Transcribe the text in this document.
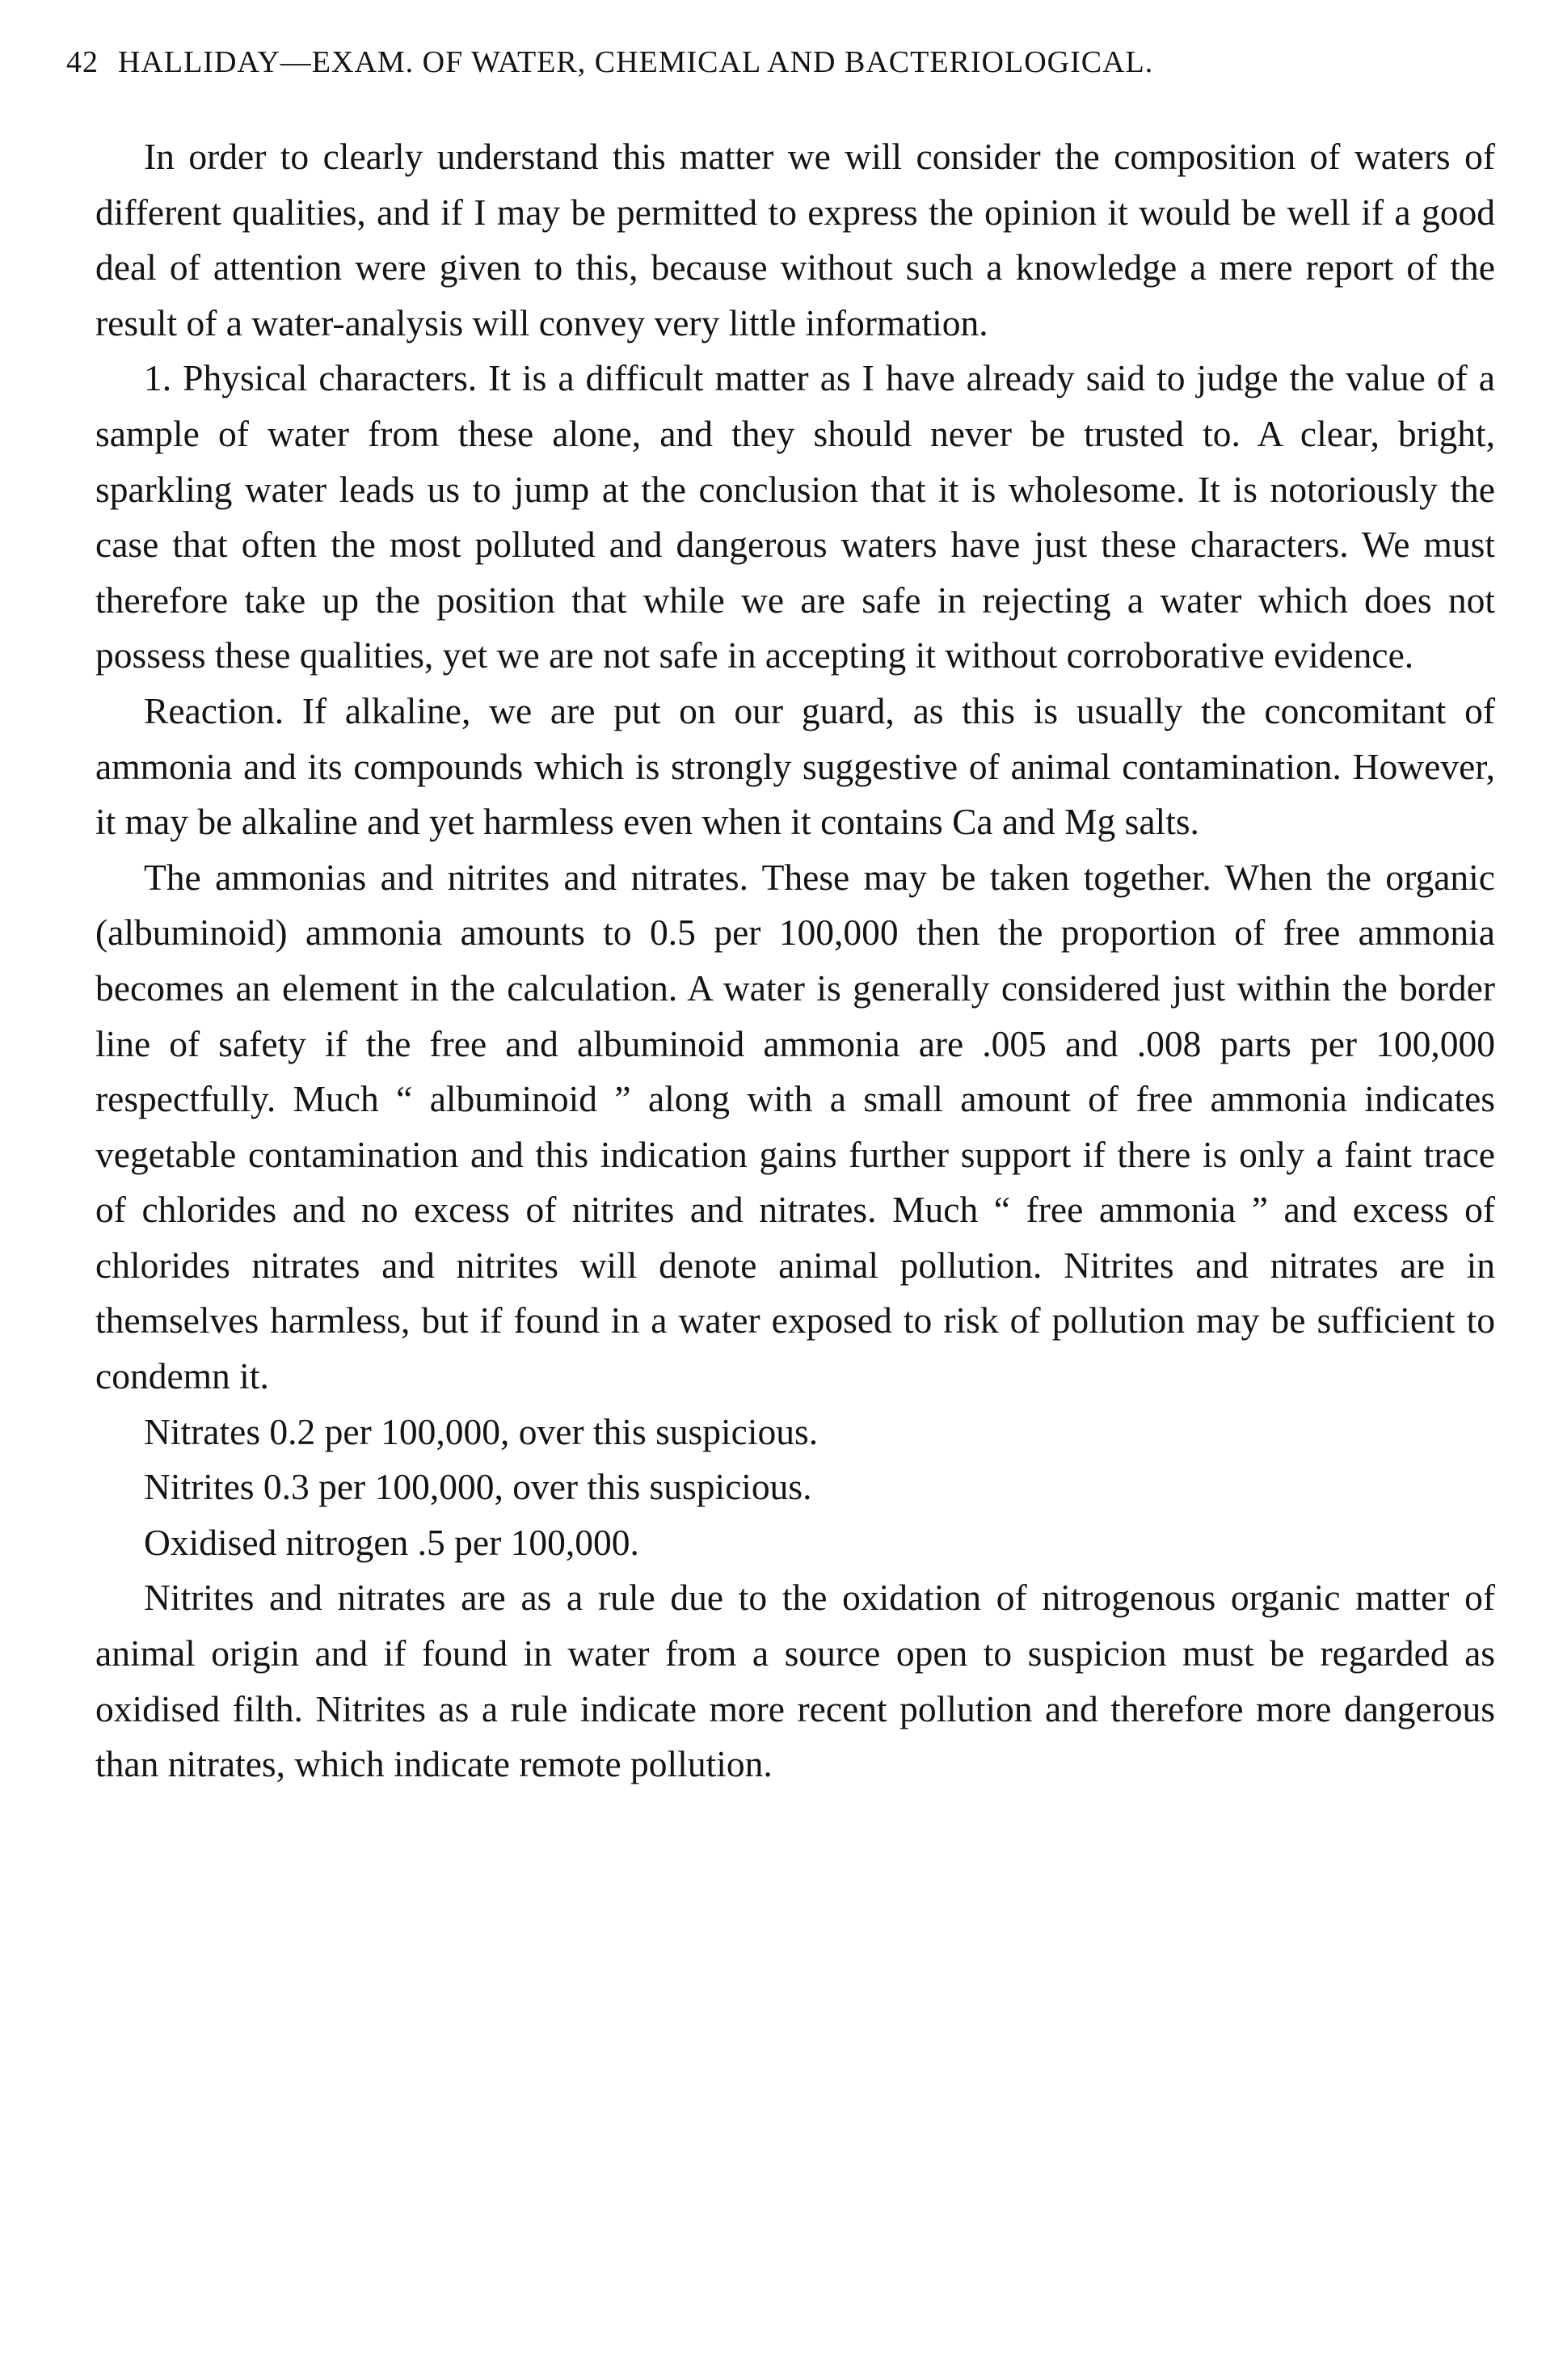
42 HALLIDAY—EXAM. OF WATER, CHEMICAL AND BACTERIOLOGICAL.

In order to clearly understand this matter we will consider the composition of waters of different qualities, and if I may be permitted to express the opinion it would be well if a good deal of attention were given to this, because without such a knowledge a mere report of the result of a water-analysis will convey very little information.

1. Physical characters. It is a difficult matter as I have already said to judge the value of a sample of water from these alone, and they should never be trusted to. A clear, bright, sparkling water leads us to jump at the conclusion that it is wholesome. It is notoriously the case that often the most polluted and dangerous waters have just these characters. We must therefore take up the position that while we are safe in rejecting a water which does not possess these qualities, yet we are not safe in accepting it without corroborative evidence.

Reaction. If alkaline, we are put on our guard, as this is usually the concomitant of ammonia and its compounds which is strongly suggestive of animal contamination. However, it may be alkaline and yet harmless even when it contains Ca and Mg salts.

The ammonias and nitrites and nitrates. These may be taken together. When the organic (albuminoid) ammonia amounts to 0.5 per 100,000 then the proportion of free ammonia becomes an element in the calculation. A water is generally considered just within the border line of safety if the free and albuminoid ammonia are .005 and .008 parts per 100,000 respectfully. Much “ albuminoid ” along with a small amount of free ammonia indicates vegetable contamination and this indication gains further support if there is only a faint trace of chlorides and no excess of nitrites and nitrates. Much “ free ammonia ” and excess of chlorides nitrates and nitrites will denote animal pollution. Nitrites and nitrates are in themselves harmless, but if found in a water exposed to risk of pollution may be sufficient to condemn it.

Nitrates 0.2 per 100,000, over this suspicious.

Nitrites 0.3 per 100,000, over this suspicious.

Oxidised nitrogen .5 per 100,000.

Nitrites and nitrates are as a rule due to the oxidation of nitrogenous organic matter of animal origin and if found in water from a source open to suspicion must be regarded as oxidised filth. Nitrites as a rule indicate more recent pollution and therefore more dangerous than nitrates, which indicate remote pollution.
